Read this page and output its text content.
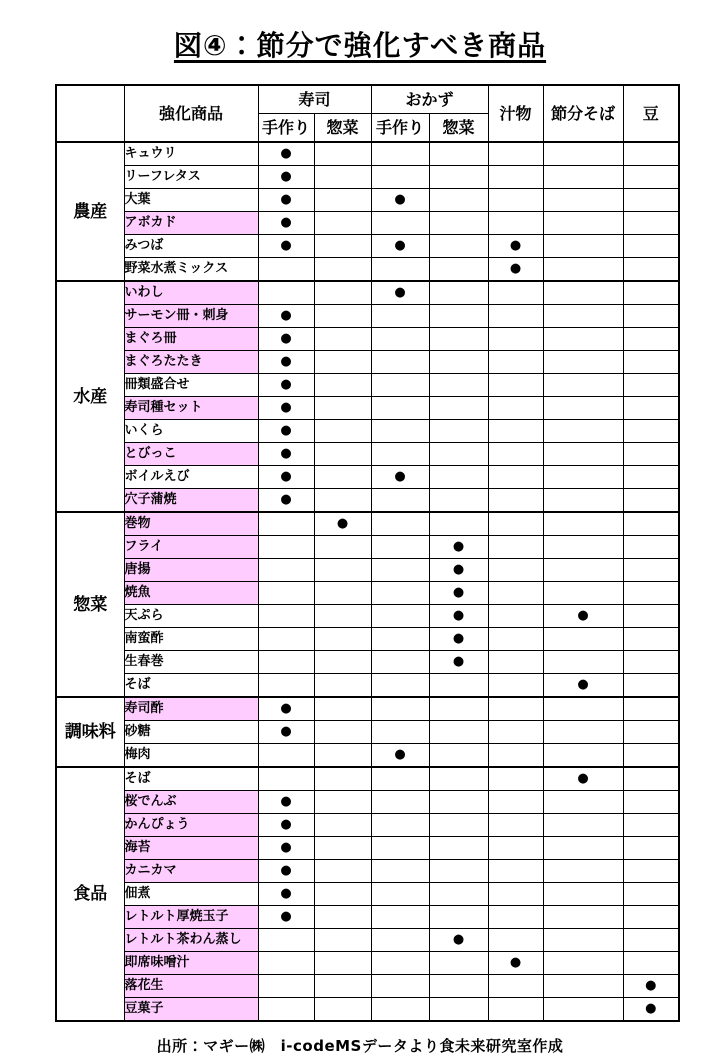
図④：節分で強化すべき商品
	強化商品	寿司		おかず		汁物	節分そば	豆
		手作り	惣菜	手作り	惣菜			
農産	キュウリ	●						
	リーフレタス	●						
	大葉	●		●				
	アボカド	●						
	みつば	●		●		●		
	野菜水煮ミックス					●		
水産	いわし			●				
	サーモン冊・刺身	●						
	まぐろ冊	●						
	まぐろたたき	●						
	冊類盛合せ	●						
	寿司種セット	●						
	いくら	●						
	とびっこ	●						
	ボイルえび	●		●				
	穴子蒲焼	●						
惣菜	巻物		●					
	フライ				●			
	唐揚				●			
	焼魚				●			
	天ぷら				●		●	
	南蛮酢				●			
	生春巻				●			
	そば						●	
調味料	寿司酢	●						
	砂糖	●						
	梅肉			●				
食品	そば						●	
	桜でんぶ	●						
	かんぴょう	●						
	海苔	●						
	カニカマ	●						
	佃煮	●						
	レトルト厚焼玉子	●						
	レトルト茶わん蒸し				●			
	即席味噌汁					●		
	落花生							●
	豆菓子							●
出所：マギー㈱　i-codeMSデータより食未来研究室作成
